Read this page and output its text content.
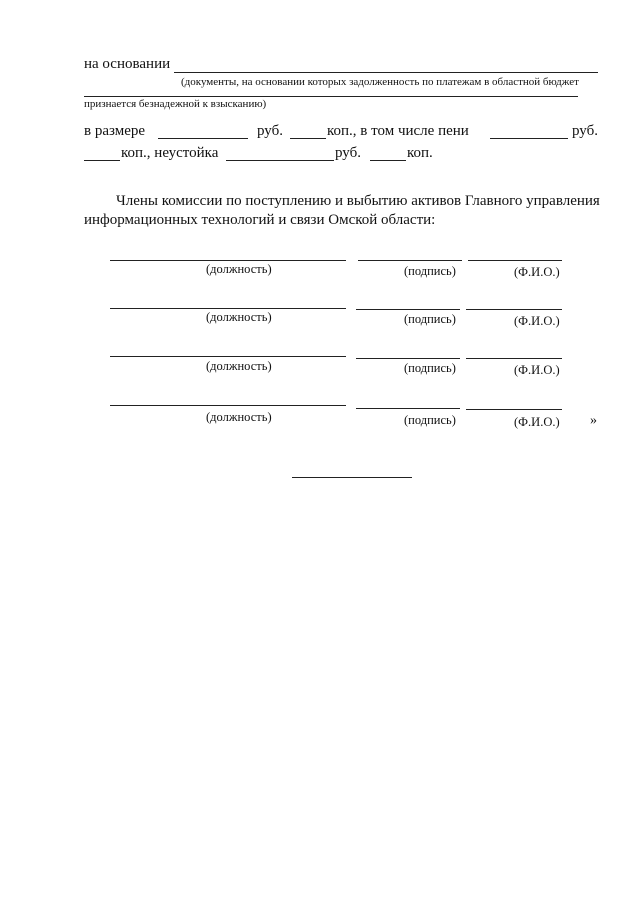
на основании
(документы, на основании которых задолженность по платежам в областной бюджет
признается безнадежной к взысканию)
в размере	руб.	коп., в том числе пени	руб.
коп., неустойка	руб.	коп.
Члены комиссии по поступлению и выбытию активов Главного управления
информационных технологий и связи Омской области:
(должность)	(подпись)	(Ф.И.О.)
(должность)	(подпись)	(Ф.И.О.)
(должность)	(подпись)	(Ф.И.О.)
(должность)	(подпись)	(Ф.И.О.) »
